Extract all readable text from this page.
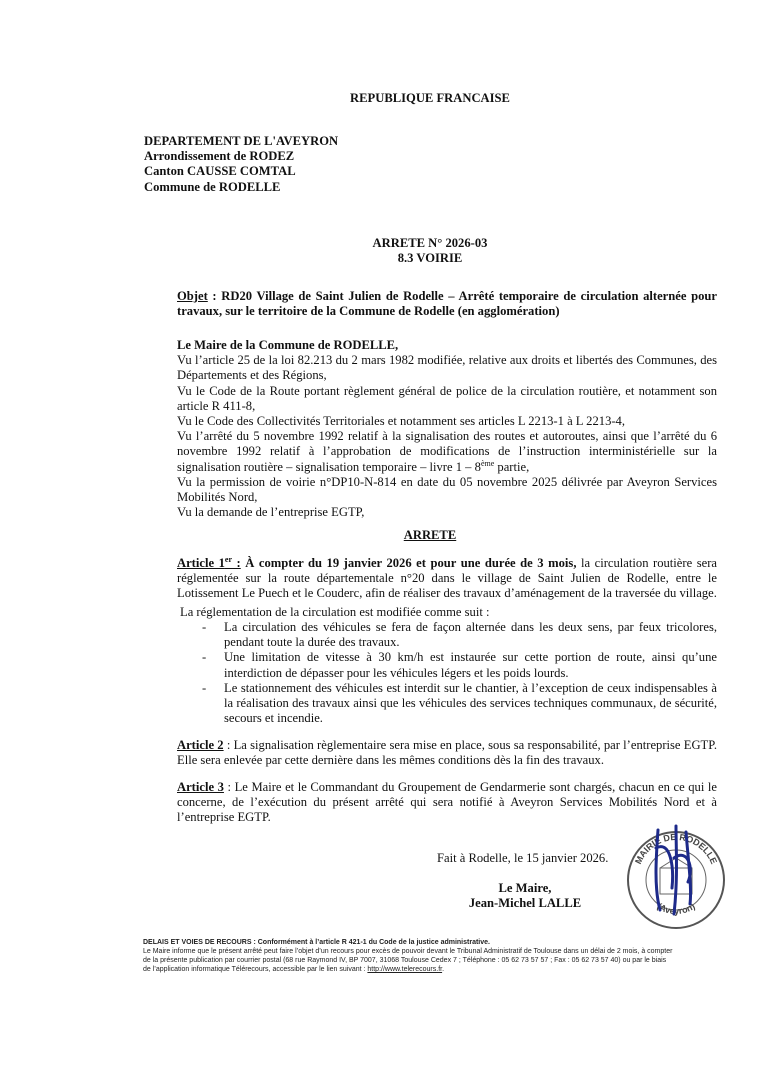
REPUBLIQUE FRANCAISE
DEPARTEMENT DE L'AVEYRON
Arrondissement de RODEZ
Canton CAUSSE COMTAL
Commune de RODELLE
ARRETE N° 2026-03
8.3 VOIRIE
Objet : RD20 Village de Saint Julien de Rodelle – Arrêté temporaire de circulation alternée pour travaux, sur le territoire de la Commune de Rodelle (en agglomération)
Le Maire de la Commune de RODELLE,
Vu l’article 25 de la loi 82.213 du 2 mars 1982 modifiée, relative aux droits et libertés des Communes, des Départements et des Régions,
Vu le Code de la Route portant règlement général de police de la circulation routière, et notamment son article R 411-8,
Vu le Code des Collectivités Territoriales et notamment ses articles L 2213-1 à L 2213-4,
Vu l’arrêté du 5 novembre 1992 relatif à la signalisation des routes et autoroutes, ainsi que l’arrêté du 6 novembre 1992 relatif à l’approbation de modifications de l’instruction interministérielle sur la signalisation routière – signalisation temporaire – livre 1 – 8ème partie,
Vu la permission de voirie n°DP10-N-814 en date du 05 novembre 2025 délivrée par Aveyron Services Mobilités Nord,
Vu la demande de l’entreprise EGTP,
ARRETE
Article 1er : À compter du 19 janvier 2026 et pour une durée de 3 mois, la circulation routière sera réglementée sur la route départementale n°20 dans le village de Saint Julien de Rodelle, entre le Lotissement Le Puech et le Couderc, afin de réaliser des travaux d’aménagement de la traversée du village.
La réglementation de la circulation est modifiée comme suit :
- La circulation des véhicules se fera de façon alternée dans les deux sens, par feux tricolores, pendant toute la durée des travaux.
- Une limitation de vitesse à 30 km/h est instaurée sur cette portion de route, ainsi qu’une interdiction de dépasser pour les véhicules légers et les poids lourds.
- Le stationnement des véhicules est interdit sur le chantier, à l’exception de ceux indispensables à la réalisation des travaux ainsi que les véhicules des services techniques communaux, de sécurité, secours et incendie.
Article 2 : La signalisation règlementaire sera mise en place, sous sa responsabilité, par l’entreprise EGTP. Elle sera enlevée par cette dernière dans les mêmes conditions dès la fin des travaux.
Article 3 : Le Maire et le Commandant du Groupement de Gendarmerie sont chargés, chacun en ce qui le concerne, de l’exécution du présent arrêté qui sera notifié à Aveyron Services Mobilités Nord et à l’entreprise EGTP.
Fait à Rodelle, le 15 janvier 2026.
Le Maire,
Jean-Michel LALLE
MAIRIE DE RODELLE
(Aveyron)
DELAIS ET VOIES DE RECOURS : Conformément à l’article R 421-1 du Code de la justice administrative.
Le Maire informe que le présent arrêté peut faire l’objet d’un recours pour excès de pouvoir devant le Tribunal Administratif de Toulouse dans un délai de 2 mois, à compter
de la présente publication par courrier postal (68 rue Raymond IV, BP 7007, 31068 Toulouse Cedex 7 ; Téléphone : 05 62 73 57 57 ; Fax : 05 62 73 57 40) ou par le biais
de l’application informatique Télérecours, accessible par le lien suivant : http://www.telerecours.fr.
